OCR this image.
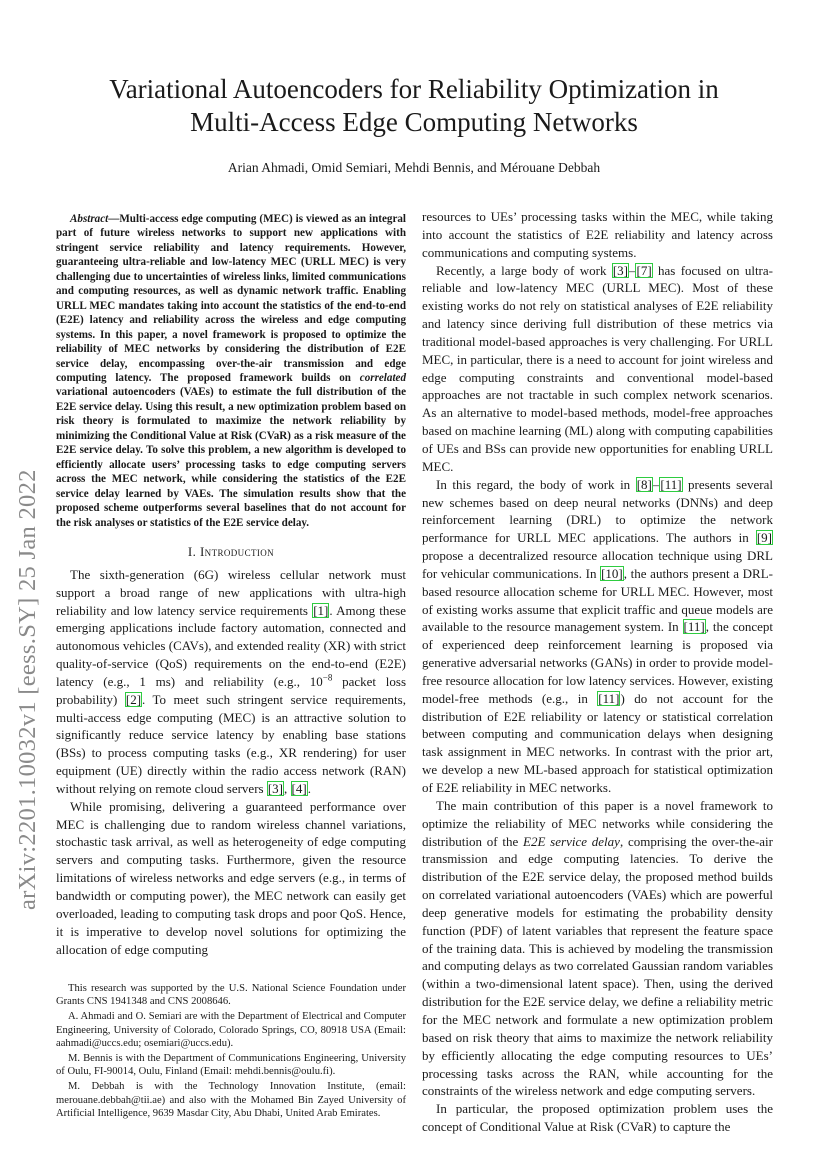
arXiv:2201.10032v1 [eess.SY] 25 Jan 2022
Variational Autoencoders for Reliability Optimization in
Multi-Access Edge Computing Networks
Arian Ahmadi, Omid Semiari, Mehdi Bennis, and Mérouane Debbah

Abstract—Multi-access edge computing (MEC) is viewed as an integral part of future wireless networks to support new applications with stringent service reliability and latency requirements. However, guaranteeing ultra-reliable and low-latency MEC (URLL MEC) is very challenging due to uncertainties of wireless links, limited communications and computing resources, as well as dynamic network traffic. Enabling URLL MEC mandates taking into account the statistics of the end-to-end (E2E) latency and reliability across the wireless and edge computing systems. In this paper, a novel framework is proposed to optimize the reliability of MEC networks by considering the distribution of E2E service delay, encompassing over-the-air transmission and edge computing latency. The proposed framework builds on correlated variational autoencoders (VAEs) to estimate the full distribution of the E2E service delay. Using this result, a new optimization problem based on risk theory is formulated to maximize the network reliability by minimizing the Conditional Value at Risk (CVaR) as a risk measure of the E2E service delay. To solve this problem, a new algorithm is developed to efficiently allocate users’ processing tasks to edge computing servers across the MEC network, while considering the statistics of the E2E service delay learned by VAEs. The simulation results show that the proposed scheme outperforms several baselines that do not account for the risk analyses or statistics of the E2E service delay.

I. Introduction

The sixth-generation (6G) wireless cellular network must support a broad range of new applications with ultra-high reliability and low latency service requirements [1]. Among these emerging applications include factory automation, connected and autonomous vehicles (CAVs), and extended reality (XR) with strict quality-of-service (QoS) requirements on the end-to-end (E2E) latency (e.g., 1 ms) and reliability (e.g., $10^{-8}$ packet loss probability) [2]. To meet such stringent service requirements, multi-access edge computing (MEC) is an attractive solution to significantly reduce service latency by enabling base stations (BSs) to process computing tasks (e.g., XR rendering) for user equipment (UE) directly within the radio access network (RAN) without relying on remote cloud servers [3], [4].

While promising, delivering a guaranteed performance over MEC is challenging due to random wireless channel variations, stochastic task arrival, as well as heterogeneity of edge computing servers and computing tasks. Furthermore, given the resource limitations of wireless networks and edge servers (e.g., in terms of bandwidth or computing power), the MEC network can easily get overloaded, leading to computing task drops and poor QoS. Hence, it is imperative to develop novel solutions for optimizing the allocation of edge computing

This research was supported by the U.S. National Science Foundation under Grants CNS 1941348 and CNS 2008646.

A. Ahmadi and O. Semiari are with the Department of Electrical and Computer Engineering, University of Colorado, Colorado Springs, CO, 80918 USA (Email: aahmadi@uccs.edu; osemiari@uccs.edu).

M. Bennis is with the Department of Communications Engineering, University of Oulu, FI-90014, Oulu, Finland (Email: mehdi.bennis@oulu.fi).

M. Debbah is with the Technology Innovation Institute, (email: merouane.debbah@tii.ae) and also with the Mohamed Bin Zayed University of Artificial Intelligence, 9639 Masdar City, Abu Dhabi, United Arab Emirates.

resources to UEs’ processing tasks within the MEC, while taking into account the statistics of E2E reliability and latency across communications and computing systems.

Recently, a large body of work [3]–[7] has focused on ultra-reliable and low-latency MEC (URLL MEC). Most of these existing works do not rely on statistical analyses of E2E reliability and latency since deriving full distribution of these metrics via traditional model-based approaches is very challenging. For URLL MEC, in particular, there is a need to account for joint wireless and edge computing constraints and conventional model-based approaches are not tractable in such complex network scenarios. As an alternative to model-based methods, model-free approaches based on machine learning (ML) along with computing capabilities of UEs and BSs can provide new opportunities for enabling URLL MEC.

In this regard, the body of work in [8]–[11] presents several new schemes based on deep neural networks (DNNs) and deep reinforcement learning (DRL) to optimize the network performance for URLL MEC applications. The authors in [9] propose a decentralized resource allocation technique using DRL for vehicular communications. In [10], the authors present a DRL-based resource allocation scheme for URLL MEC. However, most of existing works assume that explicit traffic and queue models are available to the resource management system. In [11], the concept of experienced deep reinforcement learning is proposed via generative adversarial networks (GANs) in order to provide model-free resource allocation for low latency services. However, existing model-free methods (e.g., in [11]) do not account for the distribution of E2E reliability or latency or statistical correlation between computing and communication delays when designing task assignment in MEC networks. In contrast with the prior art, we develop a new ML-based approach for statistical optimization of E2E reliability in MEC networks.

The main contribution of this paper is a novel framework to optimize the reliability of MEC networks while considering the distribution of the E2E service delay, comprising the over-the-air transmission and edge computing latencies. To derive the distribution of the E2E service delay, the proposed method builds on correlated variational autoencoders (VAEs) which are powerful deep generative models for estimating the probability density function (PDF) of latent variables that represent the feature space of the training data. This is achieved by modeling the transmission and computing delays as two correlated Gaussian random variables (within a two-dimensional latent space). Then, using the derived distribution for the E2E service delay, we define a reliability metric for the MEC network and formulate a new optimization problem based on risk theory that aims to maximize the network reliability by efficiently allocating the edge computing resources to UEs’ processing tasks across the RAN, while accounting for the constraints of the wireless network and edge computing servers.

In particular, the proposed optimization problem uses the concept of Conditional Value at Risk (CVaR) to capture the
